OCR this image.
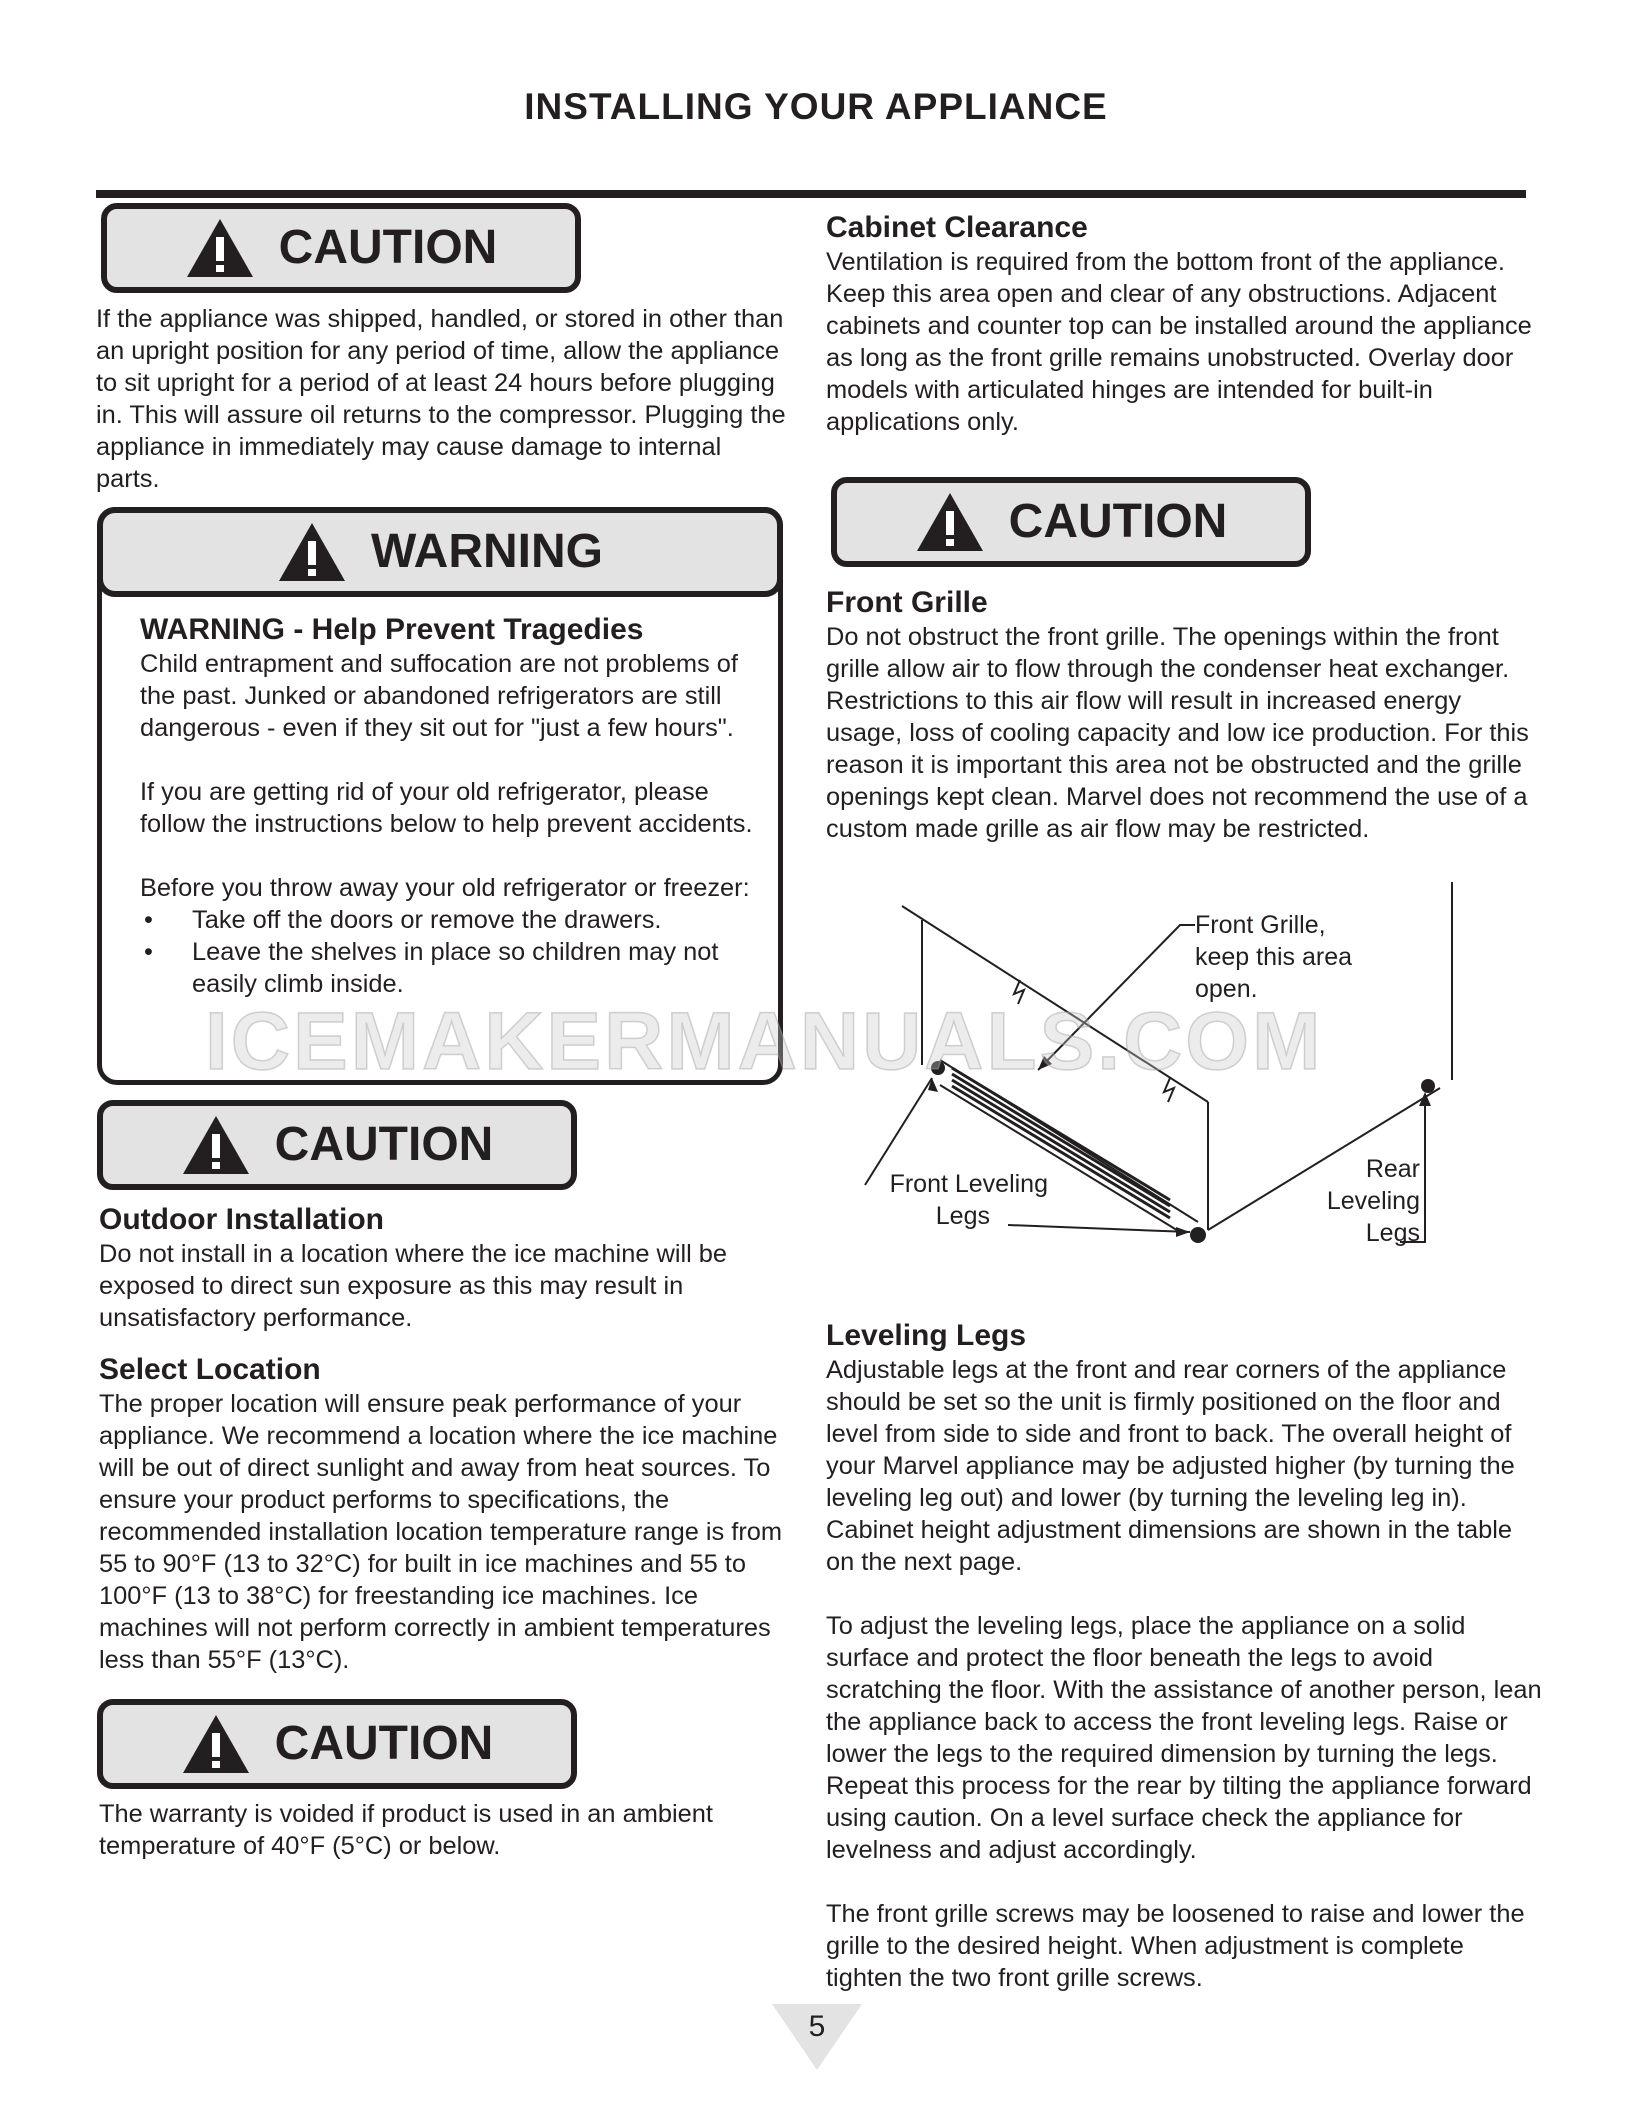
INSTALLING YOUR APPLIANCE
CAUTION
If the appliance was shipped, handled, or stored in other than an upright position for any period of time, allow the appliance to sit upright for a period of at least 24 hours before plugging in. This will assure oil returns to the compressor. Plugging the appliance in immediately may cause damage to internal parts.
WARNING
WARNING - Help Prevent Tragedies

Child entrapment and suffocation are not problems of the past. Junked or abandoned refrigerators are still dangerous - even if they sit out for "just a few hours".

If you are getting rid of your old refrigerator, please follow the instructions below to help prevent accidents.

Before you throw away your old refrigerator or freezer:

•	Take off the doors or remove the drawers.
•	Leave the shelves in place so children may not easily climb inside.
CAUTION
Outdoor Installation
Do not install in a location where the ice machine will be exposed to direct sun exposure as this may result in unsatisfactory performance.
Select Location
The proper location will ensure peak performance of your appliance. We recommend a location where the ice machine will be out of direct sunlight and away from heat sources. To ensure your product performs to specifications, the recommended installation location temperature range is from 55 to 90°F (13 to 32°C) for built in ice machines and 55 to 100°F (13 to 38°C) for freestanding ice machines. Ice machines will not perform correctly in ambient temperatures less than 55°F (13°C).
CAUTION
The warranty is voided if product is used in an ambient temperature of 40°F (5°C) or below.
Cabinet Clearance
Ventilation is required from the bottom front of the appliance. Keep this area open and clear of any obstructions. Adjacent cabinets and counter top can be installed around the appliance as long as the front grille remains unobstructed. Overlay door models with articulated hinges are intended for built-in applications only.
CAUTION
Front Grille
Do not obstruct the front grille. The openings within the front grille allow air to flow through the condenser heat exchanger. Restrictions to this air flow will result in increased energy usage, loss of cooling capacity and low ice production. For this reason it is important this area not be obstructed and the grille openings kept clean. Marvel does not recommend the use of a custom made grille as air flow may be restricted.
Front Grille,
keep this area
open.
Front Leveling
Legs
Rear
Leveling
Legs
Leveling Legs

Adjustable legs at the front and rear corners of the appliance should be set so the unit is firmly positioned on the floor and level from side to side and front to back. The overall height of your Marvel appliance may be adjusted higher (by turning the leveling leg out) and lower (by turning the leveling leg in). Cabinet height adjustment dimensions are shown in the table on the next page.

To adjust the leveling legs, place the appliance on a solid surface and protect the floor beneath the legs to avoid scratching the floor. With the assistance of another person, lean the appliance back to access the front leveling legs. Raise or lower the legs to the required dimension by turning the legs. Repeat this process for the rear by tilting the appliance forward using caution. On a level surface check the appliance for levelness and adjust accordingly.

The front grille screws may be loosened to raise and lower the grille to the desired height. When adjustment is complete tighten the two front grille screws.

ICEMAKERMANUALS.COM
5
